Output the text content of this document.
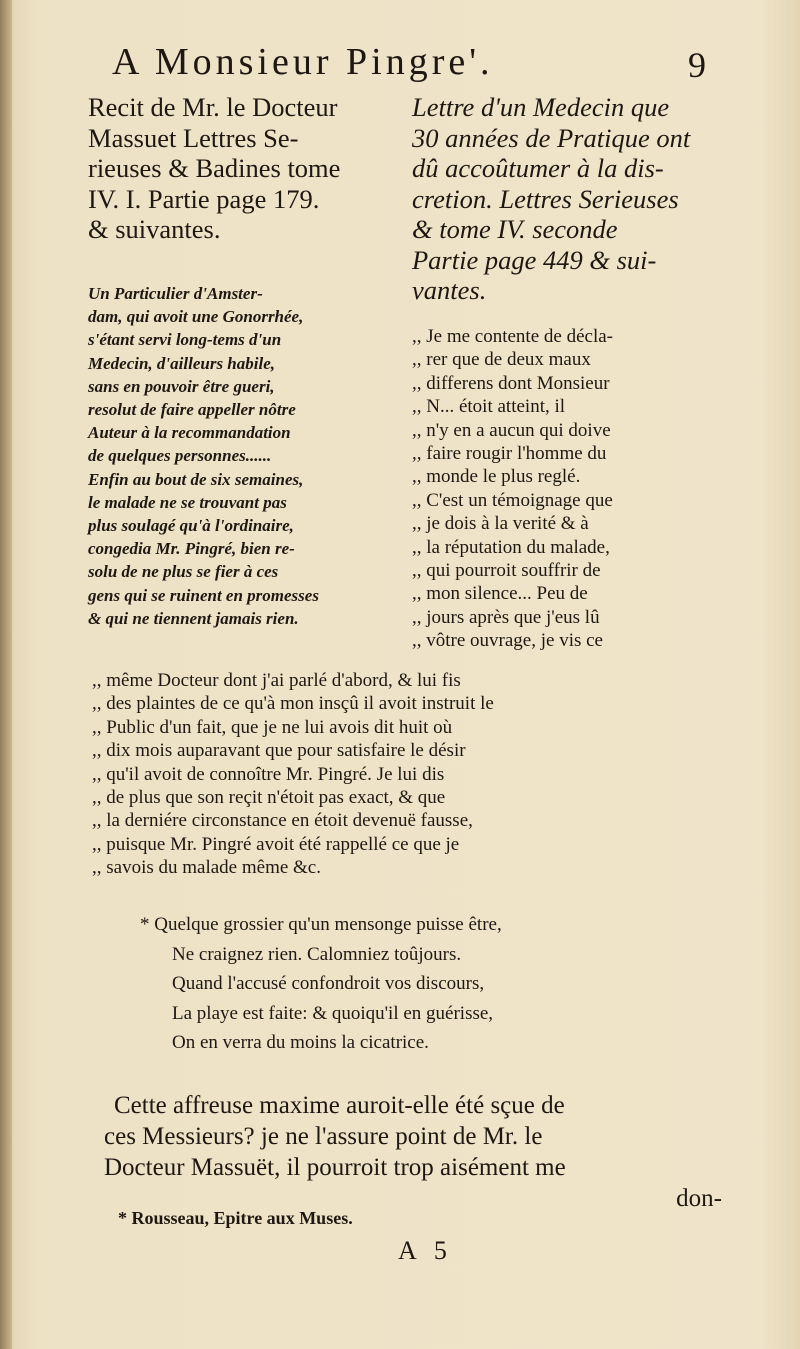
A Monsieur Pingre'.	9

Recit de Mr. le Docteur
Massuet Lettres Se-
rieuses & Badines tome
IV. I. Partie page 179.
& suivantes.

Lettre d'un Medecin que
30 années de Pratique ont
dû accoûtumer à la dis-
cretion. Lettres Serieuses
& tome IV. seconde
Partie page 449 & sui-
vantes.

Un Particulier d'Amster-
dam, qui avoit une Gonorrhée,
s'étant servi long-tems d'un
Medecin, d'ailleurs habile,
sans en pouvoir être gueri,
resolut de faire appeller nôtre
Auteur à la recommandation
de quelques personnes......
Enfin au bout de six semaines,
le malade ne se trouvant pas
plus soulagé qu'à l'ordinaire,
congedia Mr. Pingré, bien re-
solu de ne plus se fier à ces
gens qui se ruinent en promesses
& qui ne tiennent jamais rien.

,, Je me contente de décla-
,, rer que de deux maux
,, differens dont Monsieur
,, N... étoit atteint, il
,, n'y en a aucun qui doive
,, faire rougir l'homme du
,, monde le plus reglé.
,, C'est un témoignage que
,, je dois à la verité & à
,, la réputation du malade,
,, qui pourroit souffrir de
,, mon silence... Peu de
,, jours après que j'eus lû
,, vôtre ouvrage, je vis ce
,, même Docteur dont j'ai parlé d'abord, & lui fis
,, des plaintes de ce qu'à mon insçû il avoit instruit le
,, Public d'un fait, que je ne lui avois dit huit où
,, dix mois auparavant que pour satisfaire le désir
,, qu'il avoit de connoître Mr. Pingré. Je lui dis
,, de plus que son reçit n'étoit pas exact, & que
,, la derniére circonstance en étoit devenuë fausse,
,, puisque Mr. Pingré avoit été rappellé ce que je
,, savois du malade même &c.
* Quelque grossier qu'un mensonge puisse être,
Ne craignez rien. Calomniez toûjours.
Quand l'accusé confondroit vos discours,
La playe est faite: & quoiqu'il en guérisse,
On en verra du moins la cicatrice.
Cette affreuse maxime auroit-elle été sçue de
ces Messieurs? je ne l'assure point de Mr. le
Docteur Massuët, il pourroit trop aisément me
don-

* Rousseau, Epitre aux Muses.

A 5
